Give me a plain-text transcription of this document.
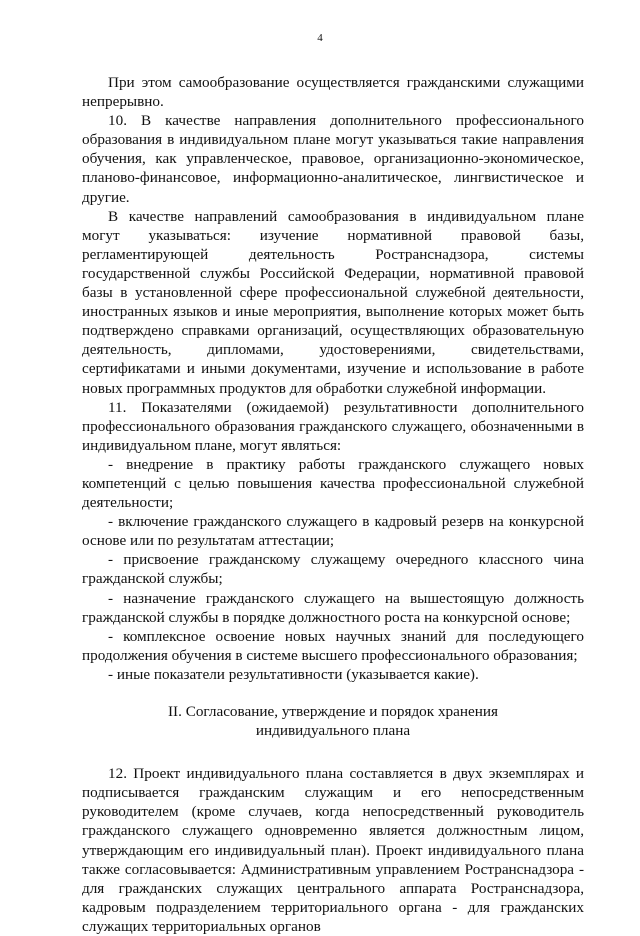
4

При этом самообразование осуществляется гражданскими служащими непрерывно.

10. В качестве направления дополнительного профессионального образования в индивидуальном плане могут указываться такие направления обучения, как управленческое, правовое, организационно-экономическое, планово-финансовое, информационно-аналитическое, лингвистическое и другие.

В качестве направлений самообразования в индивидуальном плане могут указываться: изучение нормативной правовой базы, регламентирующей деятельность Ространснадзора, системы государственной службы Российской Федерации, нормативной правовой базы в установленной сфере профессиональной служебной деятельности, иностранных языков и иные мероприятия, выполнение которых может быть подтверждено справками организаций, осуществляющих образовательную деятельность, дипломами, удостоверениями, свидетельствами, сертификатами и иными документами, изучение и использование в работе новых программных продуктов для обработки служебной информации.

11. Показателями (ожидаемой) результативности дополнительного профессионального образования гражданского служащего, обозначенными в индивидуальном плане, могут являться:

- внедрение в практику работы гражданского служащего новых компетенций с целью повышения качества профессиональной служебной деятельности;

- включение гражданского служащего в кадровый резерв на конкурсной основе или по результатам аттестации;

- присвоение гражданскому служащему очередного классного чина гражданской службы;

- назначение гражданского служащего на вышестоящую должность гражданской службы в порядке должностного роста на конкурсной основе;

- комплексное освоение новых научных знаний для последующего продолжения обучения в системе высшего профессионального образования;

- иные показатели результативности (указывается какие).

II. Согласование, утверждение и порядок хранения
индивидуального плана

12. Проект индивидуального плана составляется в двух экземплярах и подписывается гражданским служащим и его непосредственным руководителем (кроме случаев, когда непосредственный руководитель гражданского служащего одновременно является должностным лицом, утверждающим его индивидуальный план). Проект индивидуального плана также согласовывается: Административным управлением Ространснадзора - для гражданских служащих центрального аппарата Ространснадзора, кадровым подразделением территориального органа - для гражданских служащих территориальных органов
